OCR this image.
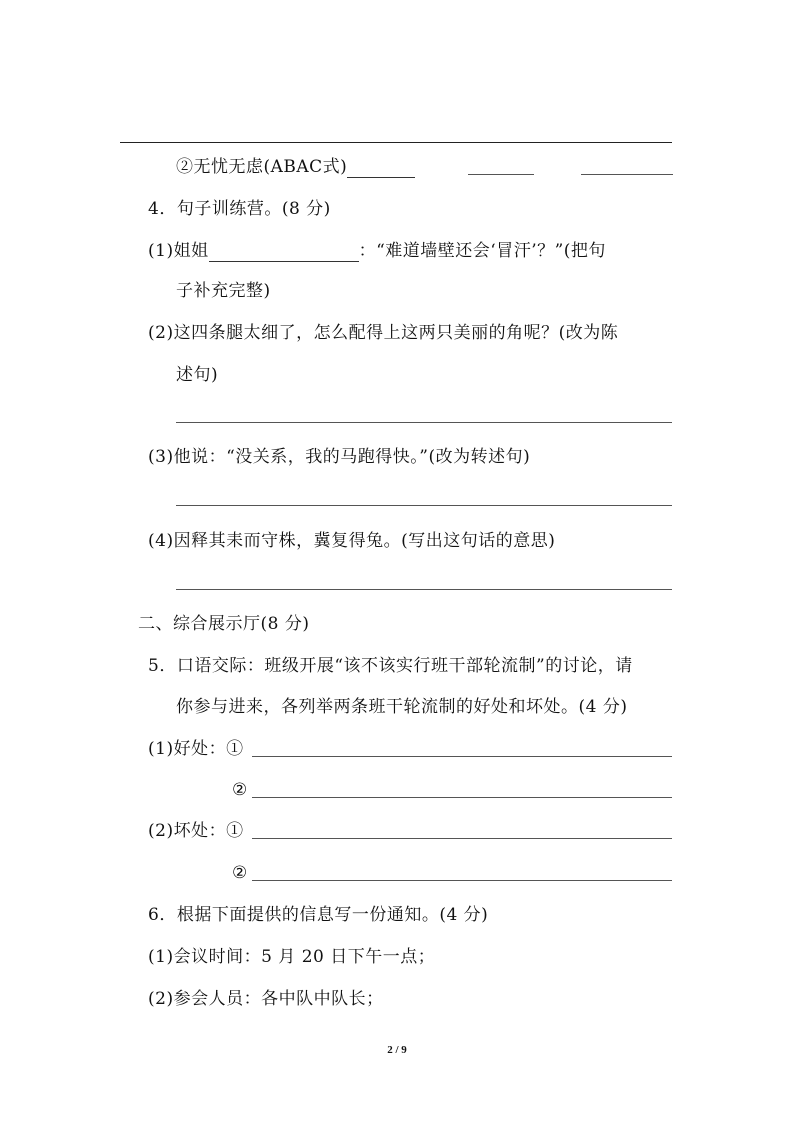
②无忧无虑(ABAC式)
4．句子训练营。(8 分)
(1)姐姐	：“难道墙壁还会‘冒汗’？”(把句
子补充完整)
(2)这四条腿太细了，怎么配得上这两只美丽的角呢？(改为陈
述句)
(3)他说：“没关系，我的马跑得快。”(改为转述句)
(4)因释其耒而守株，冀复得兔。(写出这句话的意思)
二、综合展示厅(8 分)
5．口语交际：班级开展“该不该实行班干部轮流制”的讨论，请
你参与进来，各列举两条班干轮流制的好处和坏处。(4 分)
(1)好处：①
②
(2)坏处：①
②
6．根据下面提供的信息写一份通知。(4 分)
(1)会议时间：5 月 20 日下午一点；
(2)参会人员：各中队中队长；
2 / 9
